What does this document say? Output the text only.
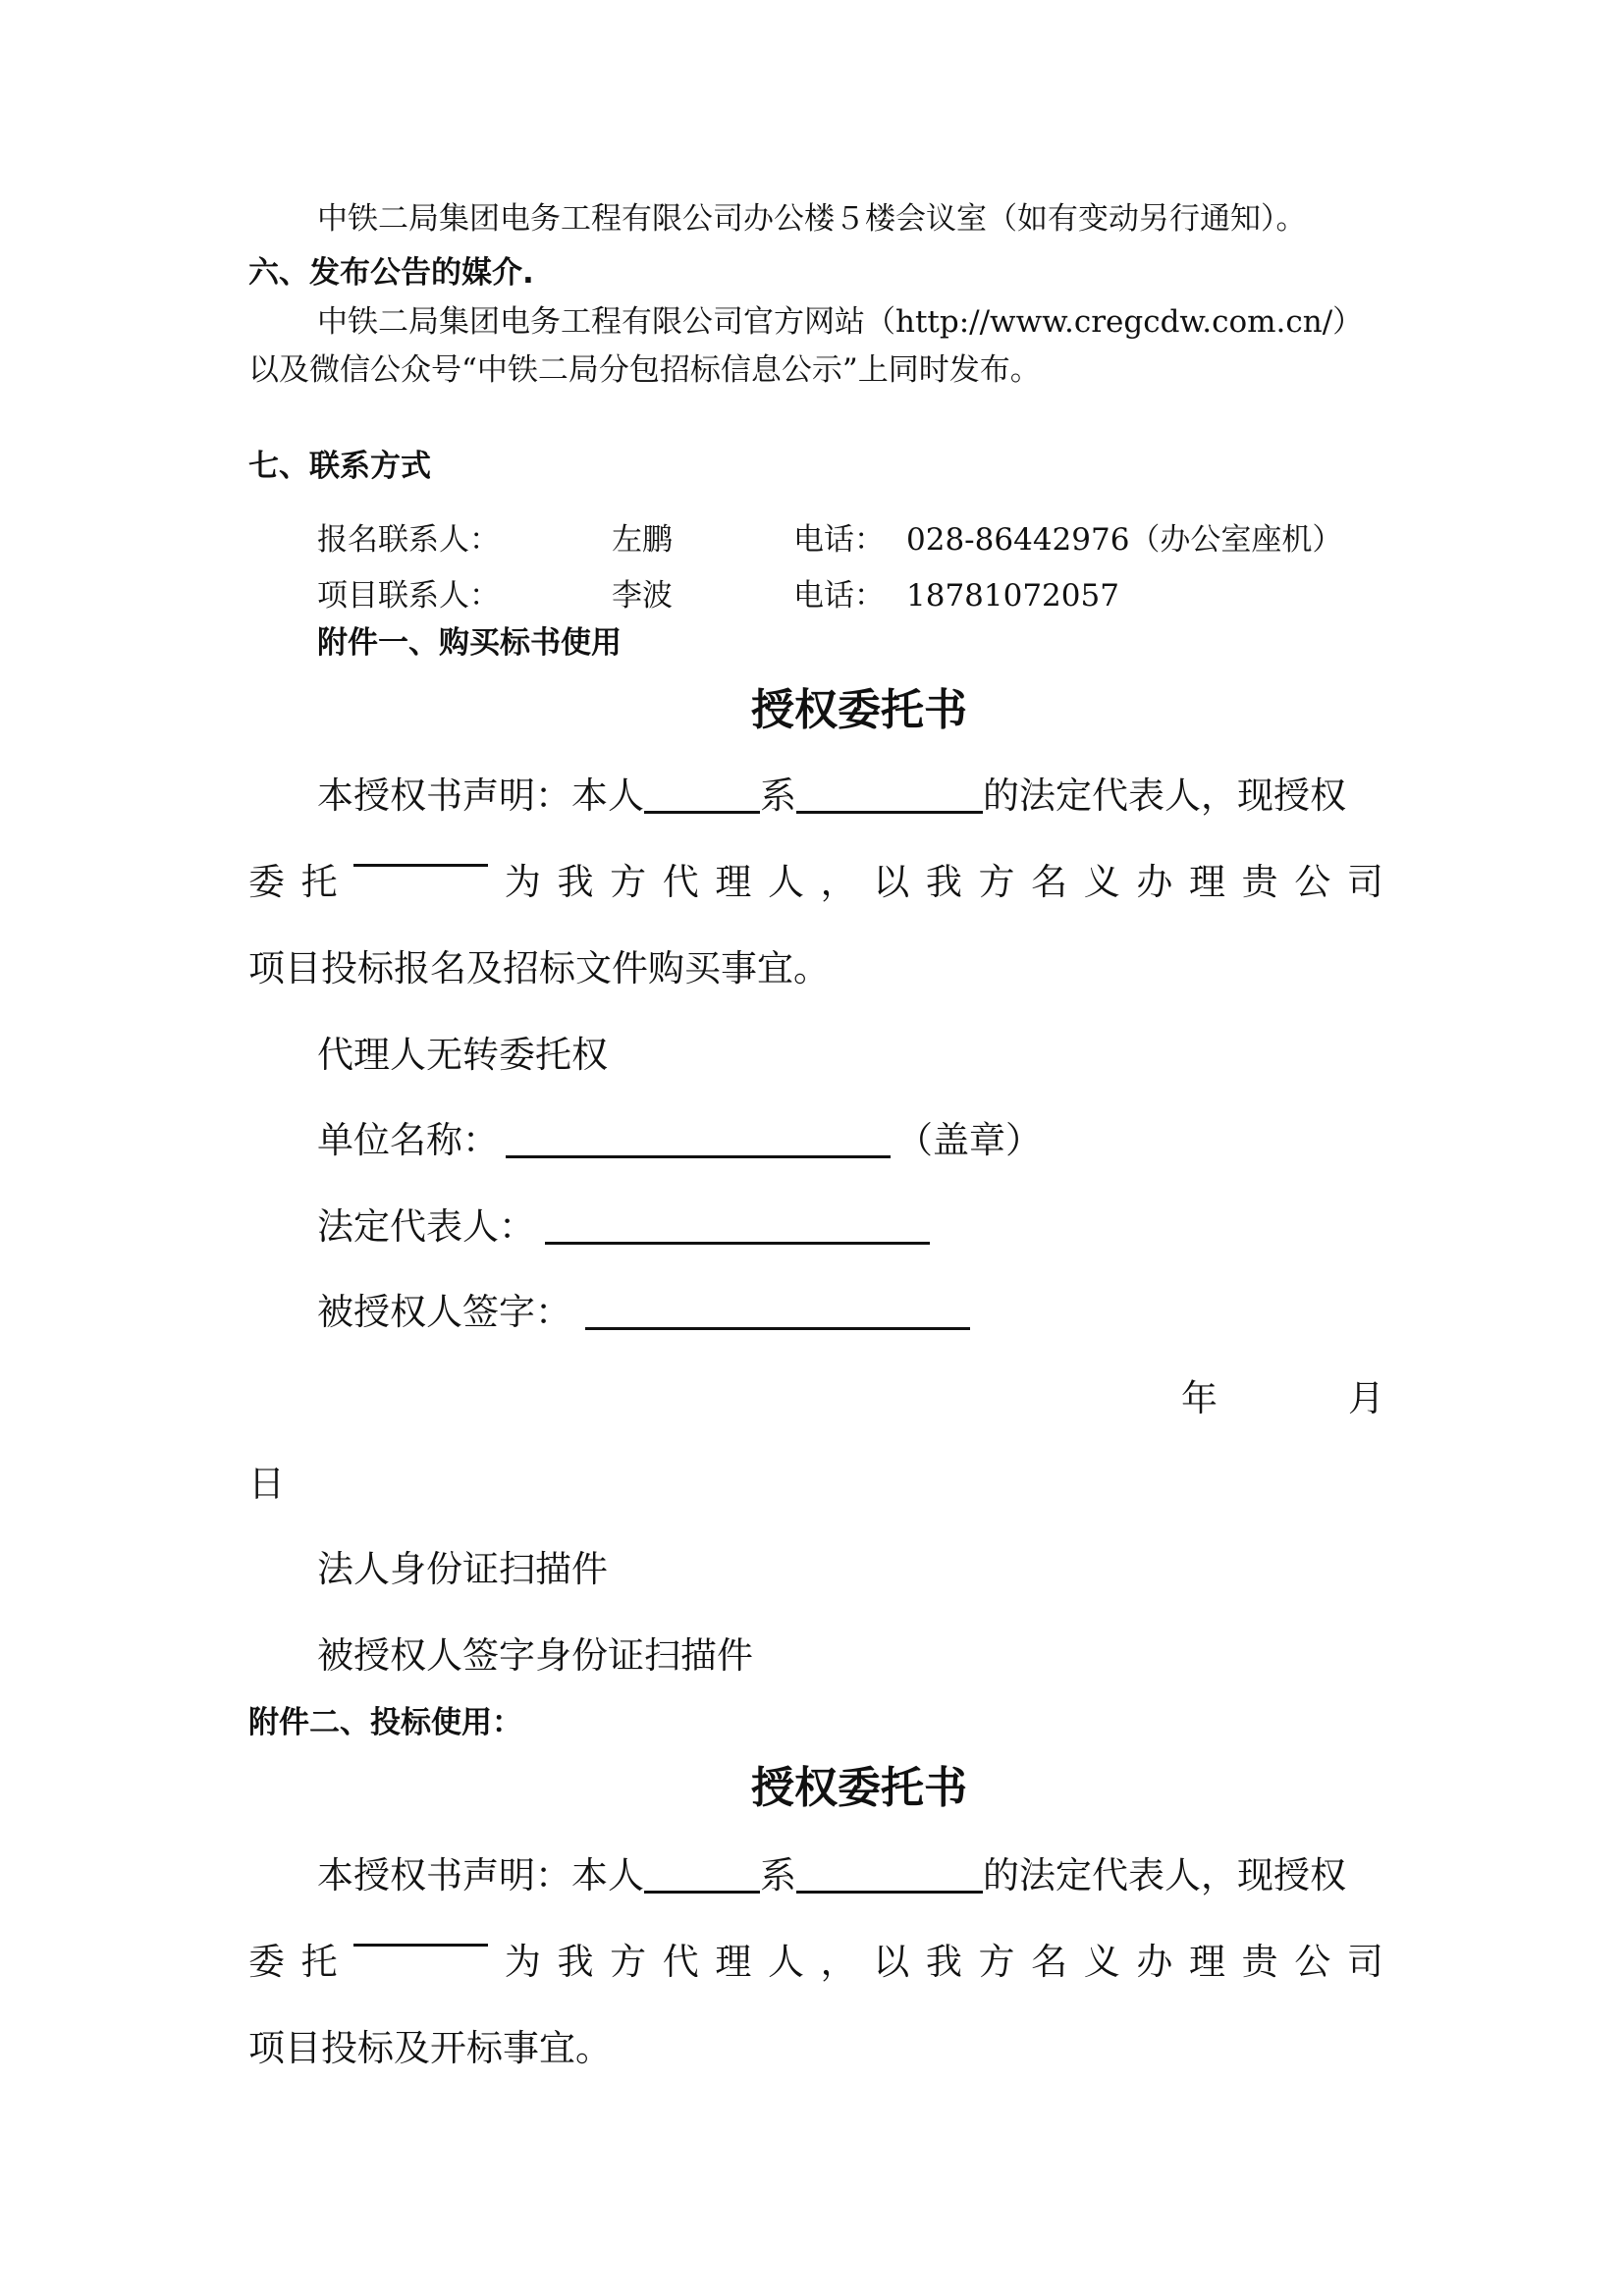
中铁二局集团电务工程有限公司办公楼５楼会议室（如有变动另行通知）。
六、发布公告的媒介.
中铁二局集团电务工程有限公司官方网站（http://www.cregcdw.com.cn/）
以及微信公众号“中铁二局分包招标信息公示”上同时发布。
七、联系方式
报名联系人：	左鹏	电话： 028-86442976（办公室座机）
项目联系人：	李波	电话： 18781072057
附件一、购买标书使用
授权委托书
本授权书声明：本人	系	的法定代表人，现授权
委 托	为 我 方 代 理 人 ， 以 我 方 名 义 办 理 贵 公 司
项目投标报名及招标文件购买事宜。
代理人无转委托权
单位名称：	（盖章）
法定代表人：
被授权人签字：
年	月
日
法人身份证扫描件
被授权人签字身份证扫描件
附件二、投标使用：
授权委托书
本授权书声明：本人	系	的法定代表人，现授权
委 托	为 我 方 代 理 人 ， 以 我 方 名 义 办 理 贵 公 司
项目投标及开标事宜。
